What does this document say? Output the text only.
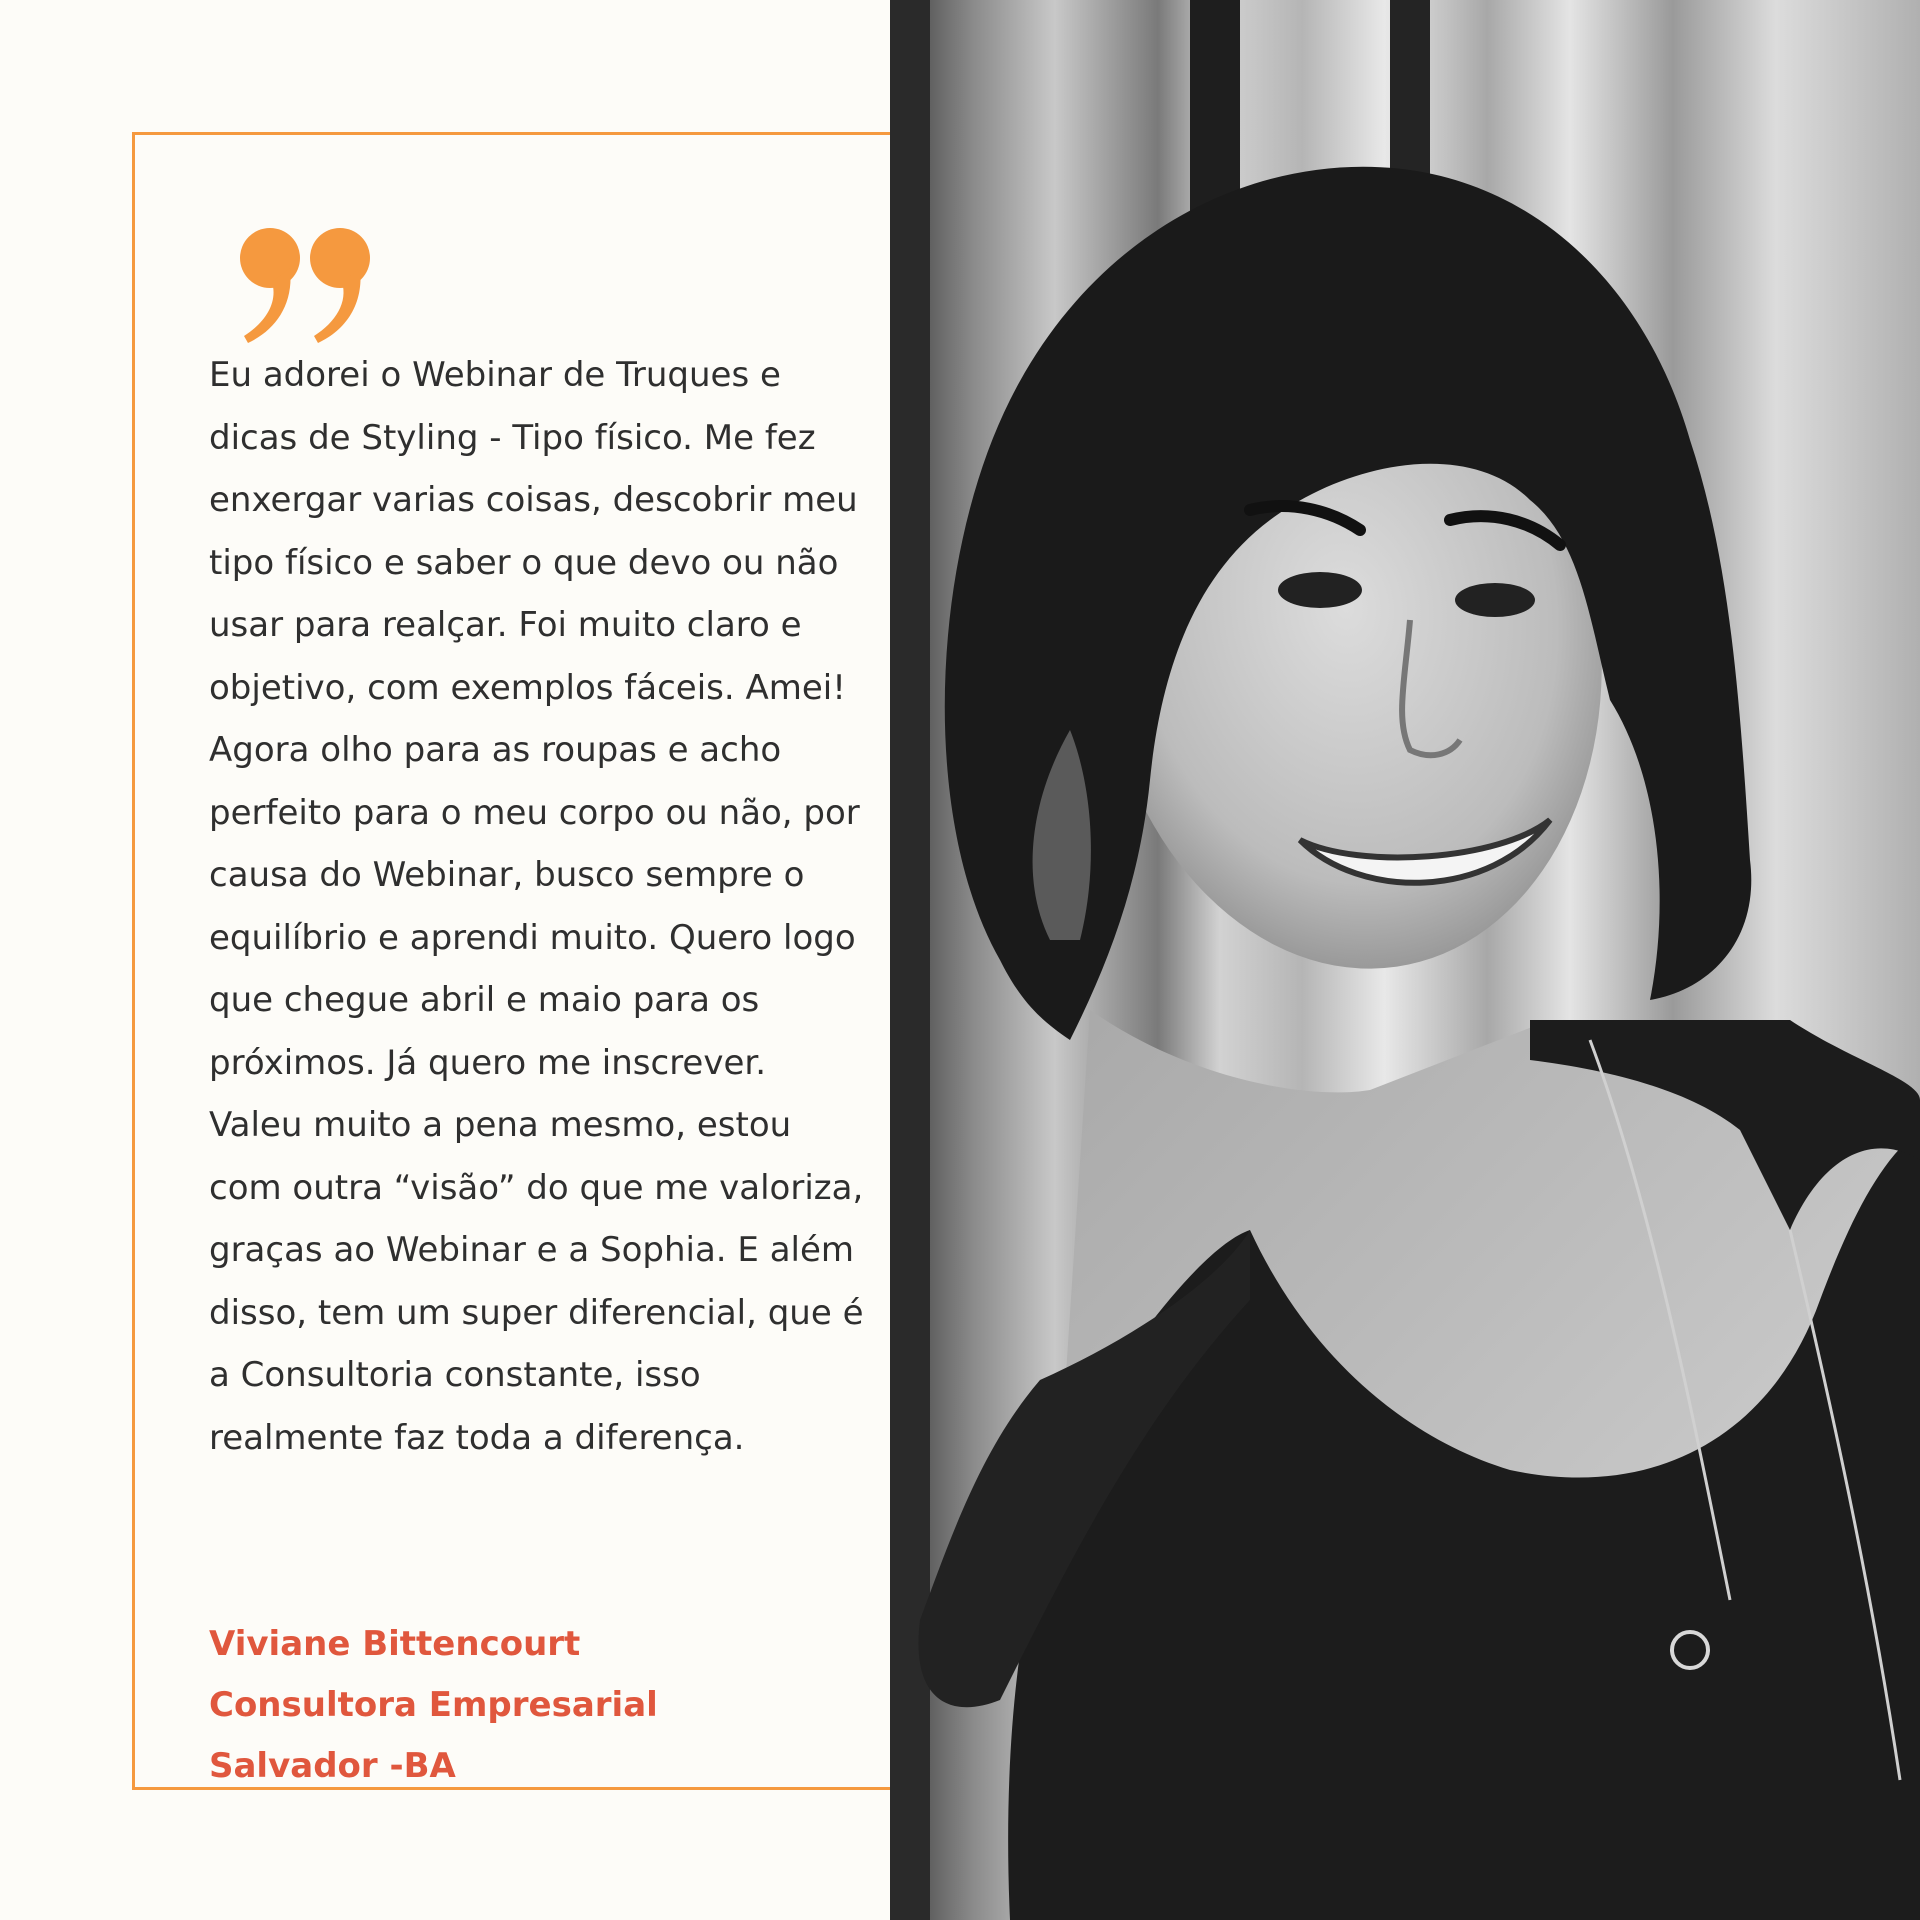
Eu adorei o Webinar de Truques e dicas de Styling - Tipo físico. Me fez enxergar varias coisas, descobrir meu tipo físico e saber o que devo ou não usar para realçar. Foi muito claro e objetivo, com exemplos fáceis. Amei!
Agora olho para as roupas e acho perfeito para o meu corpo ou não, por causa do Webinar, busco sempre o equilíbrio e aprendi muito. Quero logo que chegue abril e maio para os próximos. Já quero me inscrever. Valeu muito a pena mesmo, estou com outra “visão” do que me valoriza, graças ao Webinar e a Sophia. E além disso, tem um super diferencial, que é a Consultoria constante, isso realmente faz toda a diferença.

Viviane Bittencourt
Consultora Empresarial
Salvador -BA
